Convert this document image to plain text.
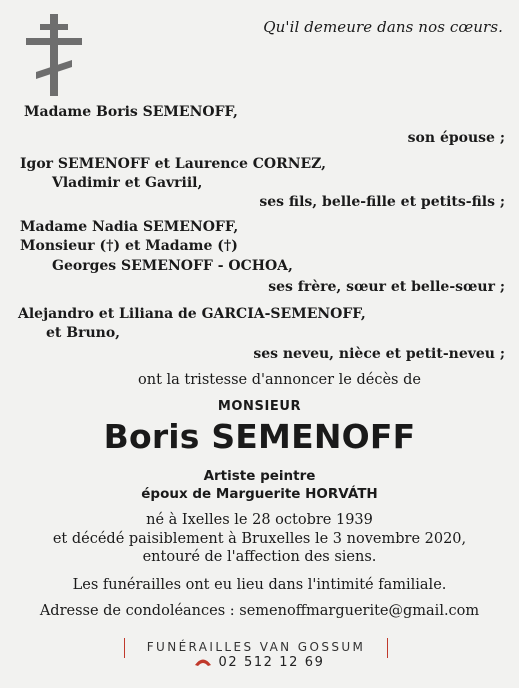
Qu'il demeure dans nos cœurs.
Madame Boris SEMENOFF,
son épouse ;
Igor SEMENOFF et Laurence CORNEZ,
Vladimir et Gavriil,
ses fils, belle-fille et petits-fils ;
Madame Nadia SEMENOFF,
Monsieur (†) et Madame (†)
Georges SEMENOFF - OCHOA,
ses frère, sœur et belle-sœur ;
Alejandro et Liliana de GARCIA-SEMENOFF,
et Bruno,
ses neveu, nièce et petit-neveu ;
ont la tristesse d'annoncer le décès de
MONSIEUR
Boris SEMENOFF
Artiste peintre
époux de Marguerite HORVÁTH
né à Ixelles le 28 octobre 1939
et décédé paisiblement à Bruxelles le 3 novembre 2020,
entouré de l'affection des siens.
Les funérailles ont eu lieu dans l'intimité familiale.
Adresse de condoléances : semenoffmarguerite@gmail.com
FUNÉRAILLES VAN GOSSUM
02 512 12 69
